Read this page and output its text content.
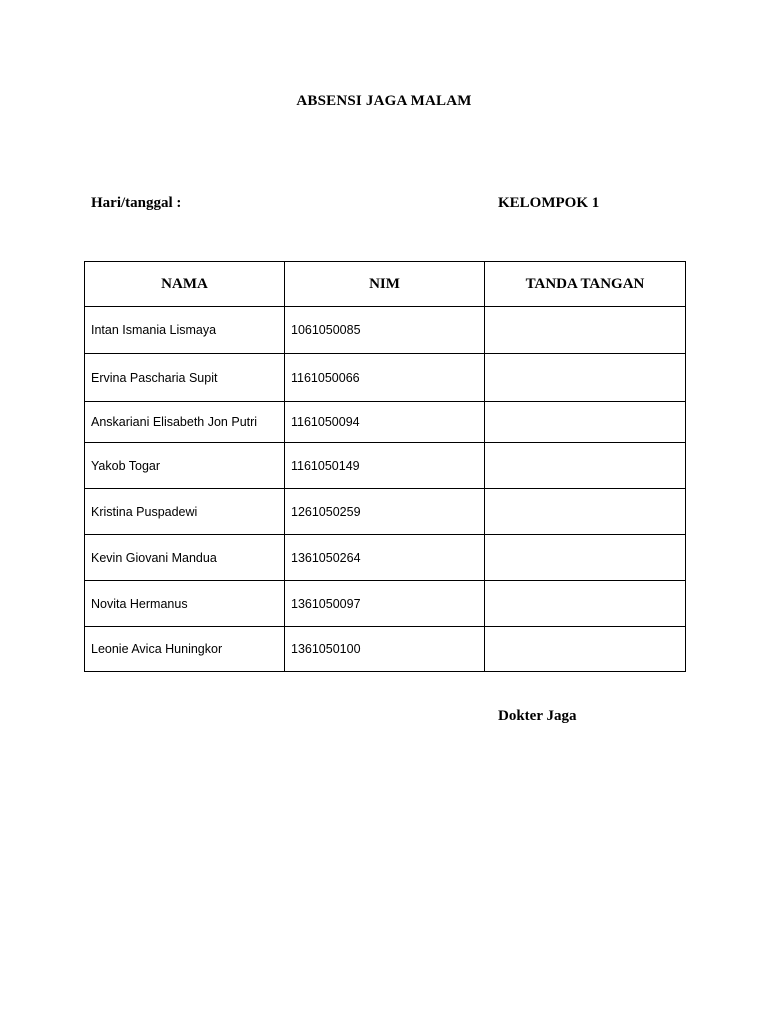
ABSENSI JAGA MALAM
Hari/tanggal :	KELOMPOK 1
NAMA	NIM	TANDA TANGAN
Intan Ismania Lismaya	1061050085	
Ervina Pascharia Supit	1161050066	
Anskariani Elisabeth Jon Putri	1161050094	
Yakob Togar	1161050149	
Kristina Puspadewi	1261050259	
Kevin Giovani Mandua	1361050264	
Novita Hermanus	1361050097	
Leonie Avica Huningkor	1361050100	
Dokter Jaga
